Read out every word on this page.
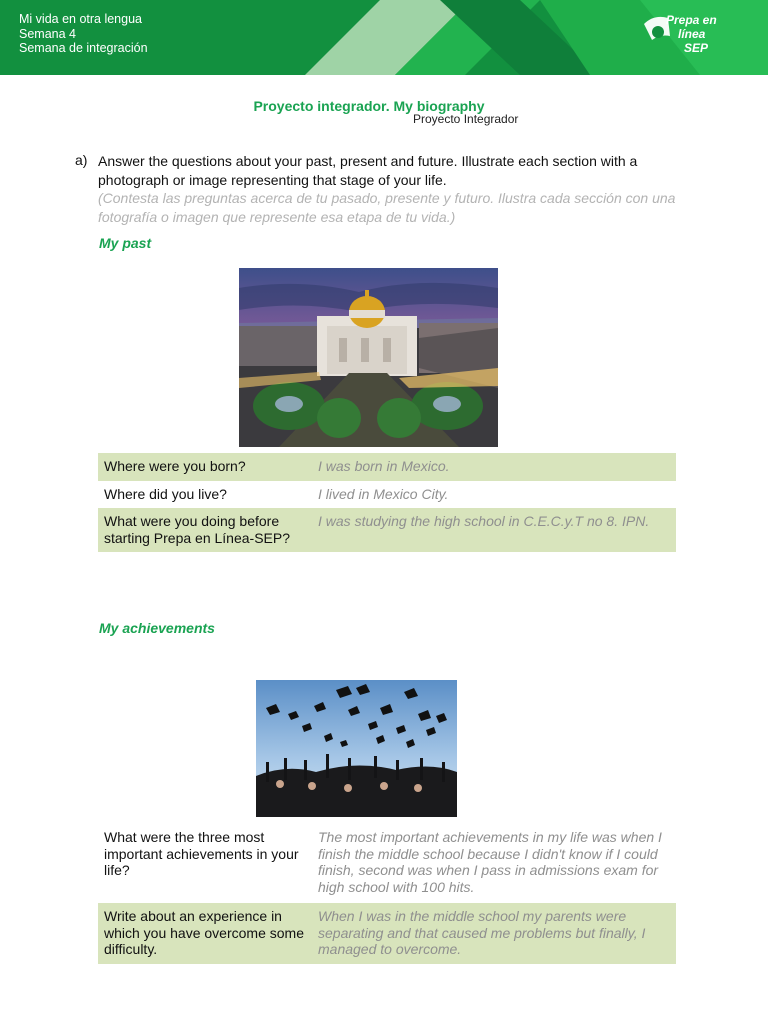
Mi vida en otra lengua
Semana 4
Semana de integración
Prepa en
línea
SEP
Proyecto integrador. My biography
Proyecto Integrador
a) Answer the questions about your past, present and future. Illustrate each section with a photograph or image representing that stage of your life.
(Contesta las preguntas acerca de tu pasado, presente y futuro. Ilustra cada sección con una fotografía o imagen que represente esa etapa de tu vida.)
My past
Where were you born?	I was born in Mexico.
Where did you live?	I lived in Mexico City.
What were you doing before starting Prepa en Línea-SEP?	I was studying the high school in C.E.C.y.T no 8. IPN.
My achievements
What were the three most important achievements in your life?	The most important achievements in my life was when I finish the middle school because I didn't know if I could finish, second was when I pass in admissions exam for high school with 100 hits.
Write about an experience in which you have overcome some difficulty.	When I was in the middle school my parents were separating and that caused me problems but finally, I managed to overcome.
